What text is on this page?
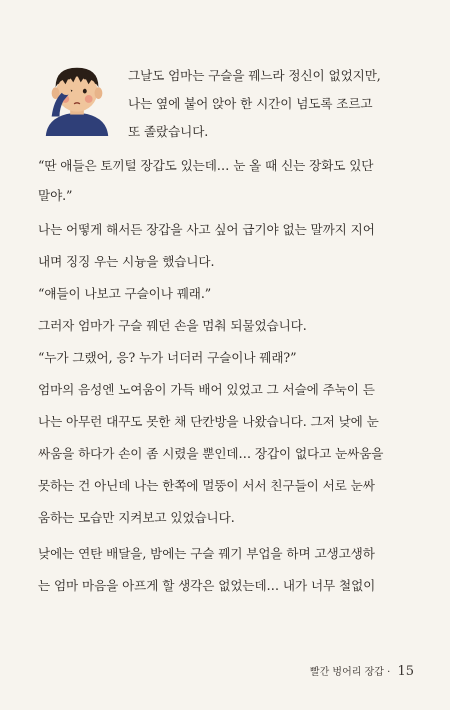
그날도 엄마는 구슬을 꿰느라 정신이 없었지만,
나는 옆에 붙어 앉아 한 시간이 넘도록 조르고
또 졸랐습니다.
“딴 애들은 토끼털 장갑도 있는데… 눈 올 때 신는 장화도 있단
말야.”
나는 어떻게 해서든 장갑을 사고 싶어 급기야 없는 말까지 지어
내며 징징 우는 시늉을 했습니다.
“얘들이 나보고 구슬이나 꿰래.”
그러자 엄마가 구슬 꿰던 손을 멈춰 되물었습니다.
“누가 그랬어, 응? 누가 너더러 구슬이나 꿰래?”
엄마의 음성엔 노여움이 가득 배어 있었고 그 서슬에 주눅이 든
나는 아무런 대꾸도 못한 채 단칸방을 나왔습니다. 그저 낮에 눈
싸움을 하다가 손이 좀 시렸을 뿐인데… 장갑이 없다고 눈싸움을
못하는 건 아닌데 나는 한쪽에 멀뚱이 서서 친구들이 서로 눈싸
움하는 모습만 지켜보고 있었습니다.
낮에는 연탄 배달을, 밤에는 구슬 꿰기 부업을 하며 고생고생하
는 엄마 마음을 아프게 할 생각은 없었는데… 내가 너무 철없이
빨간 벙어리 장갑 · 15
